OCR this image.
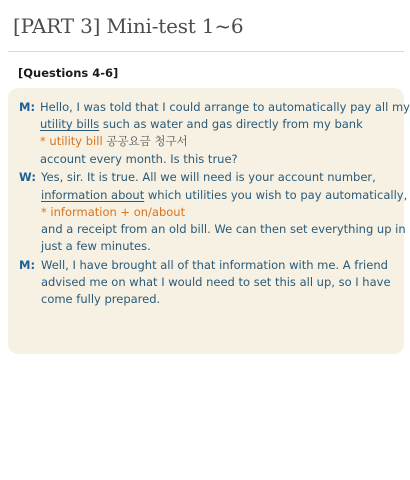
[PART 3] Mini-test 1~6
[Questions 4-6]
M: Hello, I was told that I could arrange to automatically pay all my
utility bills such as water and gas directly from my bank
* utility bill 공공요금 청구서
account every month. Is this true?
W: Yes, sir. It is true. All we will need is your account number,
information about which utilities you wish to pay automatically,
* information + on/about
and a receipt from an old bill. We can then set everything up in
just a few minutes.
M: Well, I have brought all of that information with me. A friend
advised me on what I would need to set this all up, so I have
come fully prepared.
